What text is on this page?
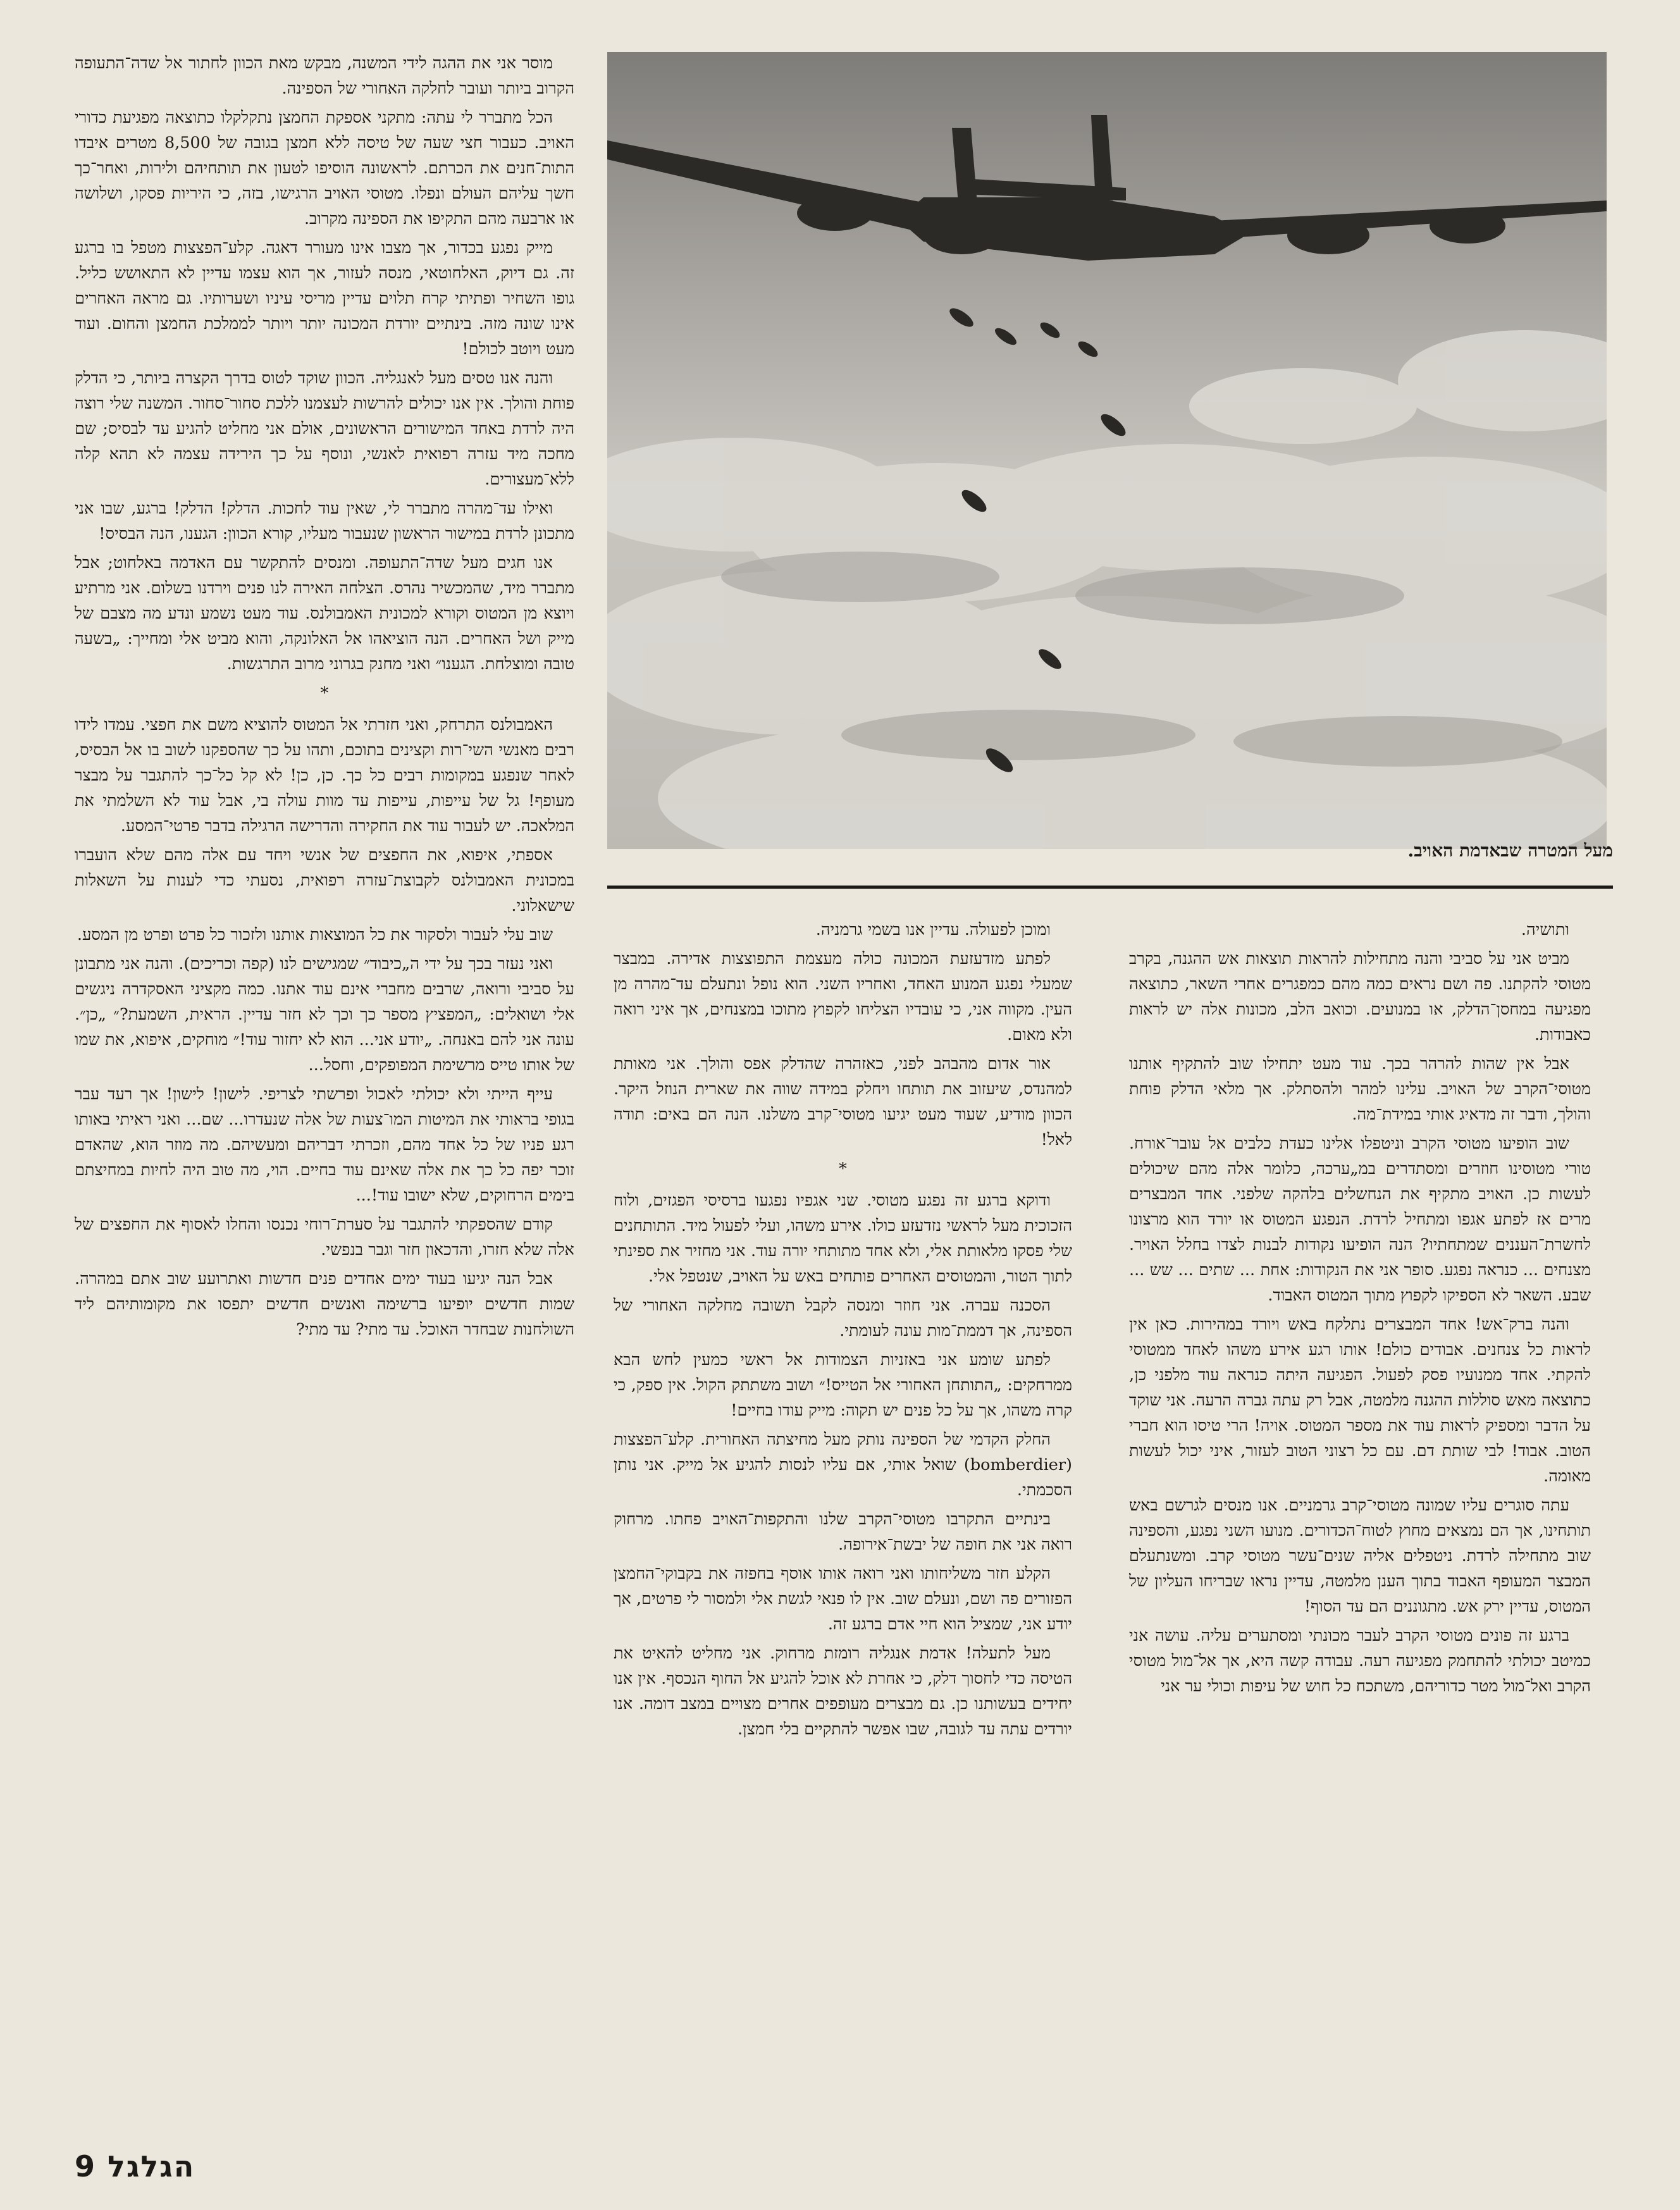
מעל המטרה שבאדמת האויב.

מוסר אני את ההגה לידי המשנה, מבקש מאת הכוון לחתור אל שדה־התעופה הקרוב ביותר ועובר לחלקה האחורי של הספינה.

הכל מתברר לי עתה: מתקני אספקת החמצן נתקלקלו כתוצאה מפגיעת כדורי האויב. כעבור חצי שעה של טיסה ללא חמצן בגובה של 8,500 מטרים איבדו התות־חנים את הכרתם. לראשונה הוסיפו לטעון את תותחיהם ולירות, ואחר־כך חשך עליהם העולם ונפלו. מטוסי האויב הרגישו, בזה, כי היריות פסקו, ושלושה או ארבעה מהם התקיפו את הספינה מקרוב.

מייק נפגע בכדור, אך מצבו אינו מעורר דאגה. קלע־הפצצות מטפל בו ברגע זה. גם דיוק, האלחוטאי, מנסה לעזור, אך הוא עצמו עדיין לא התאושש כליל. גופו השחיר ופתיתי קרח תלוים עדיין מריסי עיניו ושערותיו. גם מראה האחרים אינו שונה מזה. בינתיים יורדת המכונה יותר ויותר לממלכת החמצן והחום. ועוד מעט ויוטב לכולם!

והנה אנו טסים מעל לאנגליה. הכוון שוקד לטוס בדרך הקצרה ביותר, כי הדלק פוחת והולך. אין אנו יכולים להרשות לעצמנו ללכת סחור־סחור. המשנה שלי רוצה היה לרדת באחד המישורים הראשונים, אולם אני מחליט להגיע עד לבסיס; שם מחכה מיד עזרה רפואית לאנשי, ונוסף על כך הירידה עצמה לא תהא קלה ללא־מעצורים.

ואילו עד־מהרה מתברר לי, שאין עוד לחכות. הדלק! הדלק! ברגע, שבו אני מתכונן לרדת במישור הראשון שנעבור מעליו, קורא הכוון: הגענו, הנה הבסיס!

אנו חגים מעל שדה־התעופה. ומנסים להתקשר עם האדמה באלחוט; אבל מתברר מיד, שהמכשיר נהרס. הצלחה האירה לנו פנים וירדנו בשלום. אני מרתיע ויוצא מן המטוס וקורא למכונית האמבולנס. עוד מעט נשמע ונדע מה מצבם של מייק ושל האחרים. הנה הוציאהו אל האלונקה, והוא מביט אלי ומחייך: „בשעה טובה ומוצלחת. הגענו״ ואני מחנק בגרוני מרוב התרגשות.

*

האמבולנס התרחק, ואני חזרתי אל המטוס להוציא משם את חפצי. עמדו לידו רבים מאנשי השי־רות וקצינים בתוכם, ותהו על כך שהספקנו לשוב בו אל הבסיס, לאחר שנפגע במקומות רבים כל כך. כן, כן! לא קל כל־כך להתגבר על מבצר מעופף! גל של עייפות, עייפות עד מוות עולה בי, אבל עוד לא השלמתי את המלאכה. יש לעבור עוד את החקירה והדרישה הרגילה בדבר פרטי־המסע.

אספתי, איפוא, את החפצים של אנשי ויחד עם אלה מהם שלא הועברו במכונית האמבולנס לקבוצת־עזרה רפואית, נסעתי כדי לענות על השאלות שישאלוני.

שוב עלי לעבור ולסקור את כל המוצאות אותנו ולזכור כל פרט ופרט מן המסע.

ואני נעזר בכך על ידי ה„כיבוד״ שמגישים לנו (קפה וכריכים). והנה אני מתבונן על סביבי ורואה, שרבים מחברי אינם עוד אתנו. כמה מקציני האסקדרה ניגשים אלי ושואלים: „המפציץ מספר כך וכך לא חזר עדיין. הראית, השמעת?״ „כן״. עונה אני להם באנחה. „יודע אני... הוא לא יחזור עוד!״ מוחקים, איפוא, את שמו של אותו טייס מרשימת המפופקים, וחסל...

עייף הייתי ולא יכולתי לאכול ופרשתי לצריפי. לישון! לישון! אך רעד עבר בגופי בראותי את המיטות המו־צעות של אלה שנעדרו... שם... ואני ראיתי באותו רגע פניו של כל אחד מהם, וזכרתי דבריהם ומעשיהם. מה מוזר הוא, שהאדם זוכר יפה כל כך את אלה שאינם עוד בחיים. הוי, מה טוב היה לחיות במחיצתם בימים הרחוקים, שלא ישובו עוד!...

קודם שהספקתי להתגבר על סערת־רוחי נכנסו והחלו לאסוף את החפצים של אלה שלא חזרו, והדכאון חזר וגבר בנפשי.

אבל הנה יגיעו בעוד ימים אחדים פנים חדשות ואתרועע שוב אתם במהרה. שמות חדשים יופיעו ברשימה ואנשים חדשים יתפסו את מקומותיהם ליד השולחנות שבחדר האוכל. עד מתי? עד מתי?

ומוכן לפעולה. עדיין אנו בשמי גרמניה.

לפתע מזדעזעת המכונה כולה מעצמת התפוצצות אדירה. במבצר שמעלי נפגע המנוע האחד, ואחריו השני. הוא נופל ונתעלם עד־מהרה מן העין. מקווה אני, כי עובדיו הצליחו לקפוץ מתוכו במצנחים, אך איני רואה ולא מאום.

אור אדום מהבהב לפני, כאזהרה שהדלק אפס והולך. אני מאותת למהנדס, שיעזוב את תותחו ויחלק במידה שווה את שארית הנוזל היקר. הכוון מודיע, שעוד מעט יגיעו מטוסי־קרב משלנו. הנה הם באים: תודה לאל!

*

ודוקא ברגע זה נפגע מטוסי. שני אגפיו נפגעו ברסיסי הפגזים, ולוח הזכוכית מעל לראשי נזדעזע כולו. אירע משהו, ועלי לפעול מיד. התותחנים שלי פסקו מלאותת אלי, ולא אחד מתותחי יורה עוד. אני מחזיר את ספינתי לתוך הטור, והמטוסים האחרים פותחים באש על האויב, שנטפל אלי.

הסכנה עברה. אני חוזר ומנסה לקבל תשובה מחלקה האחורי של הספינה, אך דממת־מות עונה לעומתי.

לפתע שומע אני באזניות הצמודות אל ראשי כמעין לחש הבא ממרחקים: „התותחן האחורי אל הטייס!״ ושוב משתתק הקול. אין ספק, כי קרה משהו, אך על כל פנים יש תקוה: מייק עודו בחיים!

החלק הקדמי של הספינה נותק מעל מחיצתה האחורית. קלע־הפצצות (bomberdier) שואל אותי, אם עליו לנסות להגיע אל מייק. אני נותן הסכמתי.

בינתיים התקרבו מטוסי־הקרב שלנו והתקפות־האויב פחתו. מרחוק רואה אני את חופה של יבשת־אירופה.

הקלע חזר משליחותו ואני רואה אותו אוסף בחפזה את בקבוקי־החמצן הפזורים פה ושם, ונעלם שוב. אין לו פנאי לגשת אלי ולמסור לי פרטים, אך יודע אני, שמציל הוא חיי אדם ברגע זה.

מעל לתעלה! אדמת אנגליה רומזת מרחוק. אני מחליט להאיט את הטיסה כדי לחסוך דלק, כי אחרת לא אוכל להגיע אל החוף הנכסף. אין אנו יחידים בעשותנו כן. גם מבצרים מעופפים אחרים מצויים במצב דומה. אנו יורדים עתה עד לגובה, שבו אפשר להתקיים בלי חמצן.

ותושיה.

מביט אני על סביבי והנה מתחילות להראות תוצאות אש ההגנה, בקרב מטוסי להקתנו. פה ושם נראים כמה מהם כמפגרים אחרי השאר, כתוצאה מפגיעה במחסן־הדלק, או במנועים. וכואב הלב, מכונות אלה יש לראות כאבודות.

אבל אין שהות להרהר בכך. עוד מעט יתחילו שוב להתקיף אותנו מטוסי־הקרב של האויב. עלינו למהר ולהסתלק. אך מלאי הדלק פוחת והולך, ודבר זה מדאיג אותי במידת־מה.

שוב הופיעו מטוסי הקרב וניטפלו אלינו כעדת כלבים אל עובר־אורח. טורי מטוסינו חוזרים ומסתדרים במ„ערכה, כלומר אלה מהם שיכולים לעשות כן. האויב מתקיף את הנחשלים בלהקה שלפני. אחד המבצרים מרים אז לפתע אגפו ומתחיל לרדת. הנפגע המטוס או יורד הוא מרצונו לחשרת־העננים שמתחתיו? הנה הופיעו נקודות לבנות לצדו בחלל האויר. מצנחים ... כנראה נפגע. סופר אני את הנקודות: אחת ... שתים ... שש ... שבע. השאר לא הספיקו לקפוץ מתוך המטוס האבוד.

והנה ברק־אש! אחד המבצרים נתלקח באש ויורד במהירות. כאן אין לראות כל צנחנים. אבודים כולם! אותו רגע אירע משהו לאחד ממטוסי להקתי. אחד ממנועיו פסק לפעול. הפגיעה היתה כנראה עוד מלפני כן, כתוצאה מאש סוללות ההגנה מלמטה, אבל רק עתה גברה הרעה. אני שוקד על הדבר ומספיק לראות עוד את מספר המטוס. אויה! הרי טיסו הוא חברי הטוב. אבוד! לבי שותת דם. עם כל רצוני הטוב לעזור, איני יכול לעשות מאומה.

עתה סוגרים עליו שמונה מטוסי־קרב גרמניים. אנו מנסים לגרשם באש תותחינו, אך הם נמצאים מחוץ לטוח־הכדורים. מנועו השני נפגע, והספינה שוב מתחילה לרדת. ניטפלים אליה שנים־עשר מטוסי קרב. ומשנתעלם המבצר המעופף האבוד בתוך הענן מלמטה, עדיין נראו שבריחו העליון של המטוס, עדיין ירק אש. מתגוננים הם עד הסוף!

ברגע זה פונים מטוסי הקרב לעבר מכונתי ומסתערים עליה. עושה אני כמיטב יכולתי להתחמק מפגיעה רעה. עבודה קשה היא, אך אל־מול מטוסי הקרב ואל־מול מטר כדוריהם, משתכח כל חוש של עיפות וכולי ער אני

9 הגלגל
